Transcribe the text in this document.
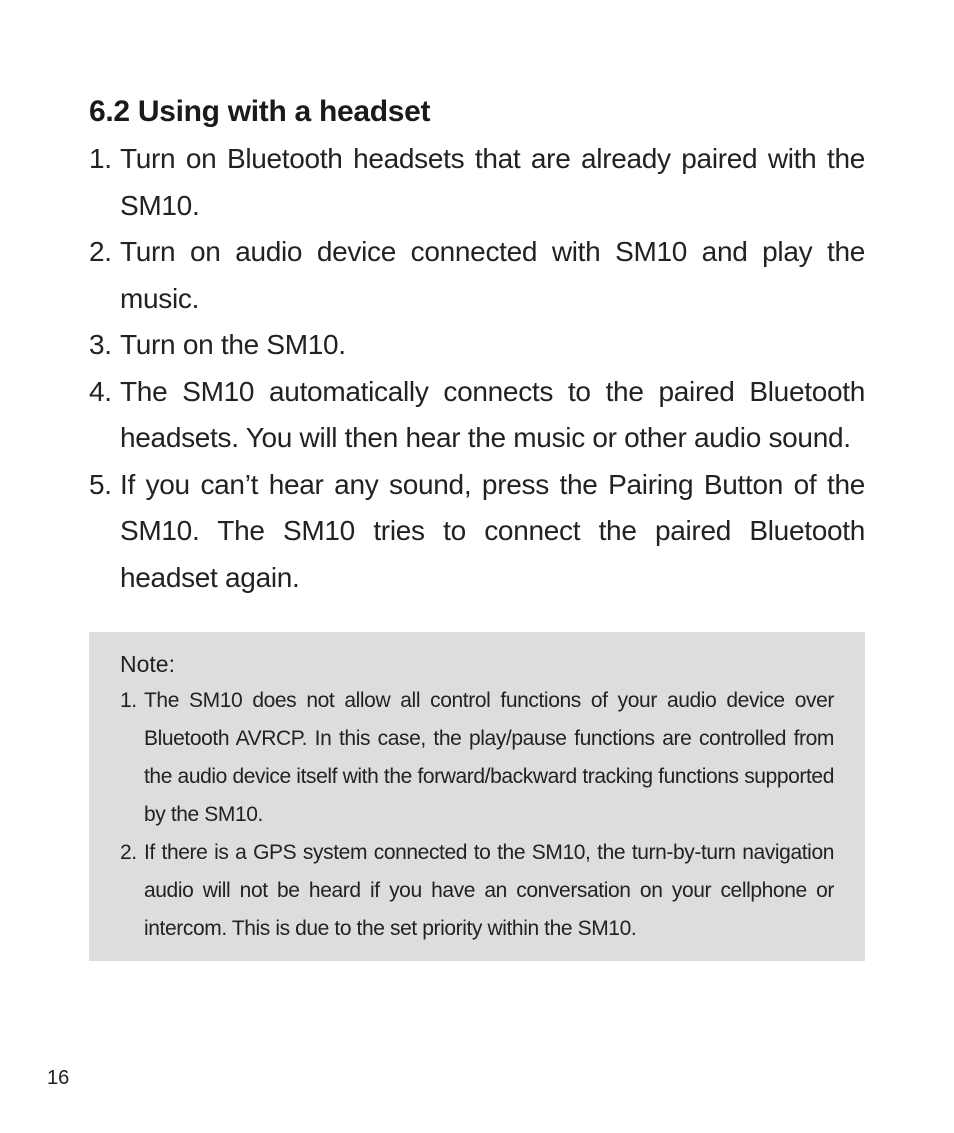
6.2 Using with a headset
1. Turn on Bluetooth headsets that are already paired with the SM10.
2. Turn on audio device connected with SM10 and play the music.
3. Turn on the SM10.
4. The SM10 automatically connects to the paired Bluetooth headsets. You will then hear the music or other audio sound.
5. If you can’t hear any sound, press the Pairing Button of the SM10. The SM10 tries to connect the paired Bluetooth headset again.
Note:
1. The SM10 does not allow all control functions of your audio device over Bluetooth AVRCP. In this case, the play/pause functions are controlled from the audio device itself with the forward/backward tracking functions supported by the SM10.
2. If there is a GPS system connected to the SM10, the turn-by-turn navigation audio will not be heard if you have an conversation on your cellphone or intercom. This is due to the set priority within the SM10.
16
